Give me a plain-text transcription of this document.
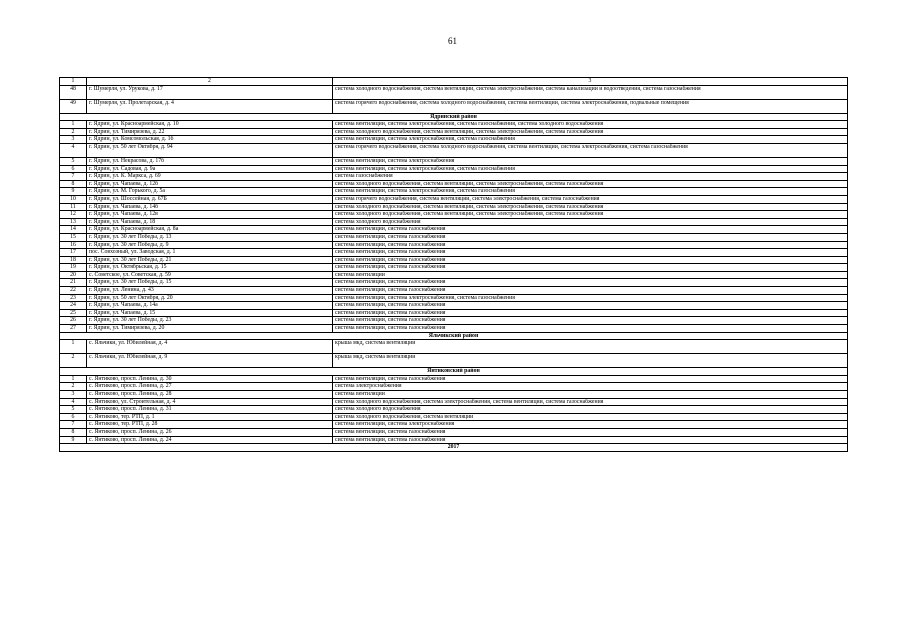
61
1	2	3
48	г. Шумерля, ул. Урукова, д. 17	система холодного водоснабжения, система вентиляции, система электроснабжения, система канализации и водоотведения, система газоснабжения
49	г. Шумерля, ул. Пролетарская, д. 4	система горячего водоснабжения, система холодного водоснабжения, система вентиляции, система электроснабжения, подвальные помещения
Ядринский район		
1	г. Ядрин, ул. Красноармейская, д. 10	система вентиляции, система электроснабжения, система газоснабжения, система холодного водоснабжения
2	г. Ядрин, ул. Тимирязева, д. 22	система холодного водоснабжения, система вентиляции, система электроснабжения, система газоснабжения
3	г. Ядрин, ул. Комсомольская, д. 1б	система вентиляции, система электроснабжения, система газоснабжения
4	г. Ядрин, ул. 50 лет Октября, д. 94	система горячего водоснабжения, система холодного водоснабжения, система вентиляции, система электроснабжения, система газоснабжения
5	г. Ядрин, ул. Некрасова, д. 17б	система вентиляции, система электроснабжения
6	г. Ядрин, ул. Садовая, д. 9а	система вентиляции, система электроснабжения, система газоснабжения
7	г. Ядрин, ул. К. Маркса, д. 69	система газоснабжения
8	г. Ядрин, ул. Чапаева, д. 12б	система холодного водоснабжения, система вентиляции, система электроснабжения, система газоснабжения
9	г. Ядрин, ул. М. Горького, д. 5а	система вентиляции, система электроснабжения, система газоснабжения
10	г. Ядрин, ул. Шоссейная, д. 67Б	система горячего водоснабжения, система вентиляции, система электроснабжения, система газоснабжения
11	г. Ядрин, ул. Чапаева, д. 14б	система холодного водоснабжения, система вентиляции, система электроснабжения, система газоснабжения
12	г. Ядрин, ул. Чапаева, д. 12в	система холодного водоснабжения, система вентиляции, система электроснабжения, система газоснабжения
13	г. Ядрин, ул. Чапаева, д. 18	система холодного водоснабжения
14	г. Ядрин, ул. Красноармейская, д. 8а	система вентиляции, система газоснабжения
15	г. Ядрин, ул. 30 лет Победы, д. 13	система вентиляции, система газоснабжения
16	г. Ядрин, ул. 30 лет Победы, д. 9	система вентиляции, система газоснабжения
17	пос. Совхозный, ул. Заводская, д. 1	система вентиляции, система газоснабжения
18	г. Ядрин, ул. 30 лет Победы, д. 21	система вентиляции, система газоснабжения
19	г. Ядрин, ул. Октябрьская, д. 15	система вентиляции, система газоснабжения
20	с. Советское, ул. Советская, д. 59	система вентиляции
21	г. Ядрин, ул. 30 лет Победы, д. 15	система вентиляции, система газоснабжения
22	г. Ядрин, ул. Ленина, д. 43	система вентиляции, система газоснабжения
23	г. Ядрин, ул. 50 лет Октября, д. 20	система вентиляции, система электроснабжения, система газоснабжения
24	г. Ядрин, ул. Чапаева, д. 14а	система вентиляции, система газоснабжения
25	г. Ядрин, ул. Чапаева, д. 15	система вентиляции, система газоснабжения
26	г. Ядрин, ул. 30 лет Победы, д. 23	система вентиляции, система газоснабжения
27	г. Ядрин, ул. Тимирязева, д. 20	система вентиляции, система газоснабжения
Яльчикский район		
1	с. Яльчики, ул. Юбилейная, д. 4	крыша мкд, система вентиляции
2	с. Яльчики, ул. Юбилейная, д. 9	крыша мкд, система вентиляции
Янтиковский район		
1	с. Янтиково, просп. Ленина, д. 30	система вентиляции, система газоснабжения
2	с. Янтиково, просп. Ленина, д. 27	система электроснабжения
3	с. Янтиково, просп. Ленина, д. 28	система вентиляции
4	с. Янтиково, ул. Строительная, д. 4	система холодного водоснабжения, система электроснабжения, система вентиляции, система газоснабжения
5	с. Янтиково, просп. Ленина, д. 31	система холодного водоснабжения
6	с. Янтиково, тер. РТП, д. 1	система холодного водоснабжения, система вентиляции
7	с. Янтиково, тер. РТП, д. 28	система вентиляции, система электроснабжения
8	с. Янтиково, просп. Ленина, д. 26	система вентиляции, система газоснабжения
9	с. Янтиково, просп. Ленина, д. 24	система вентиляции, система газоснабжения
2017		
